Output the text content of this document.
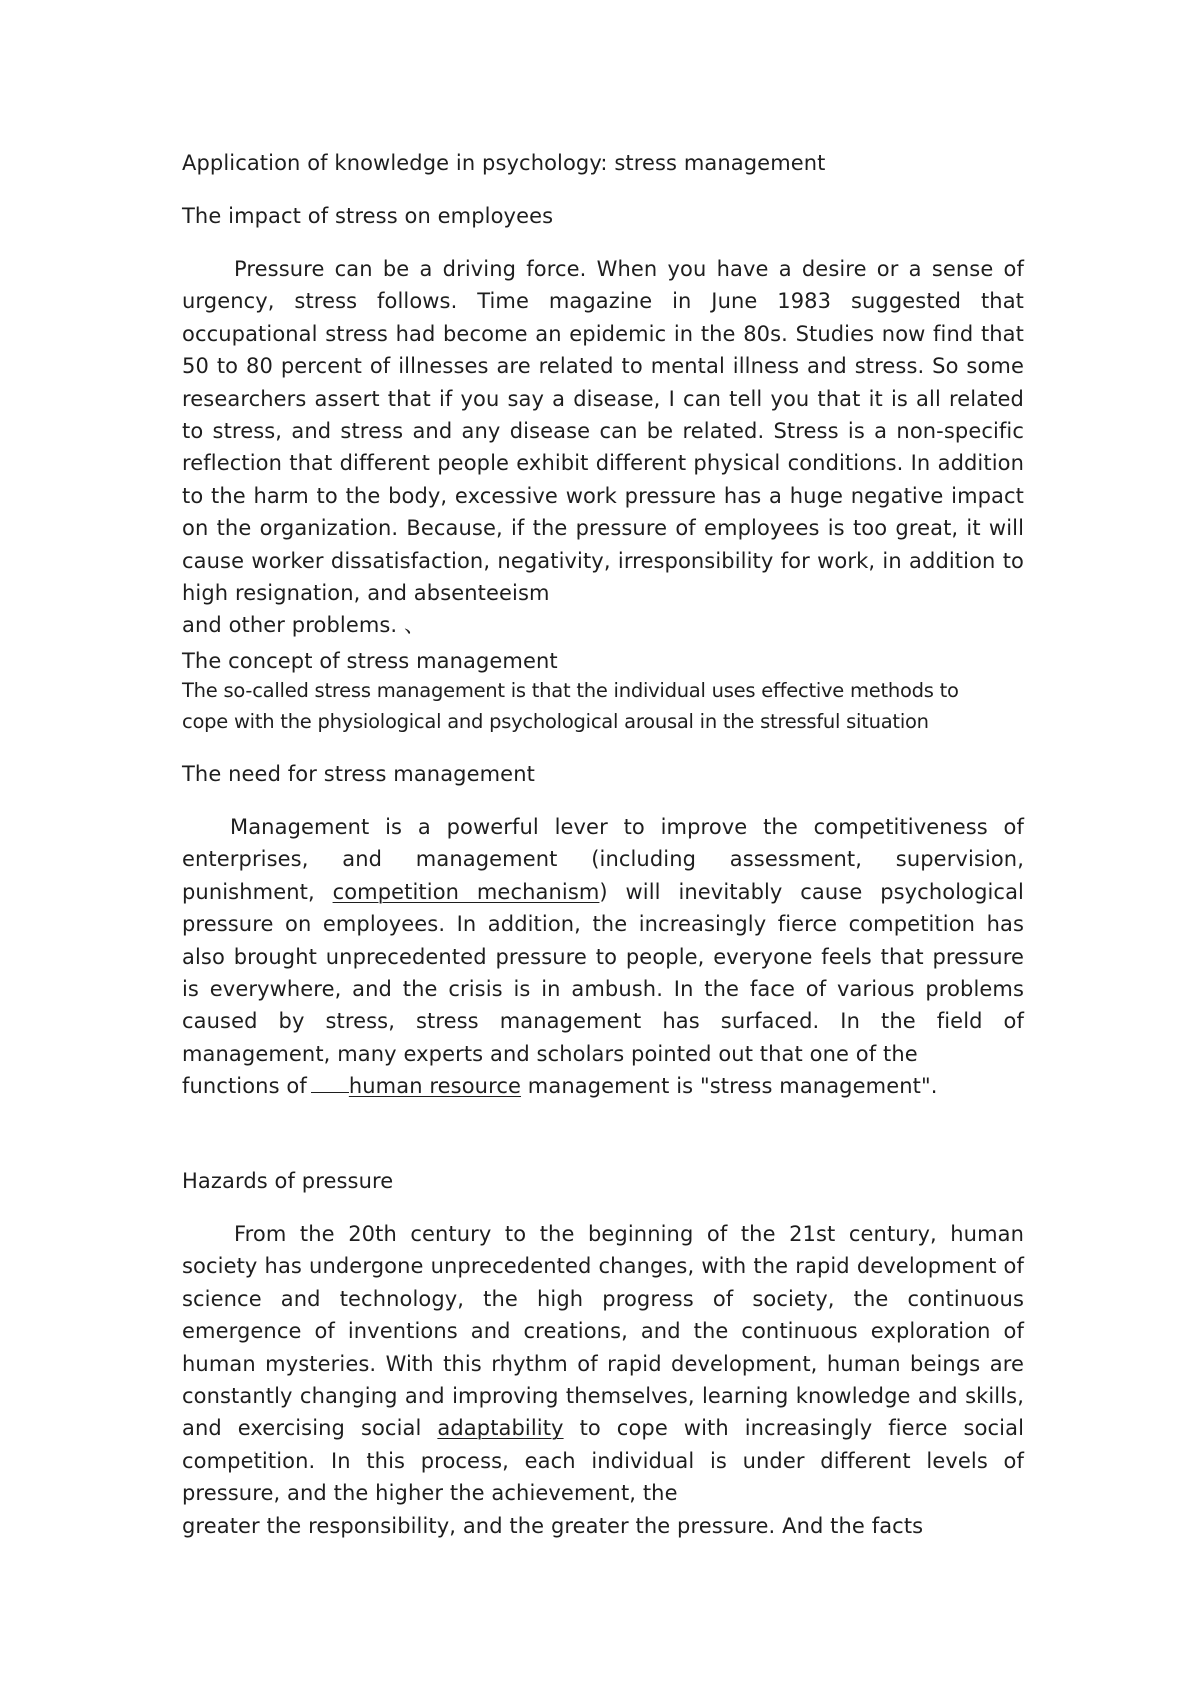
Application of knowledge in psychology: stress management
The impact of stress on employees
Pressure can be a driving force. When you have a desire or a sense of urgency, stress follows. Time magazine in June 1983 suggested that occupational stress had become an epidemic in the 80s. Studies now find that 50 to 80 percent of illnesses are related to mental illness and stress. So some researchers assert that if you say a disease, I can tell you that it is all related to stress, and stress and any disease can be related. Stress is a non-specific reflection that different people exhibit different physical conditions. In addition to the harm to the body, excessive work pressure has a huge negative impact on the organization. Because, if the pressure of employees is too great, it will cause worker dissatisfaction, negativity, irresponsibility for work, in addition to high resignation, and absenteeism
and other problems. 、
The concept of stress management
The so-called stress management is that the individual uses effective methods to
cope with the physiological and psychological arousal in the stressful situation
The need for stress management
Management is a powerful lever to improve the competitiveness of enterprises, and management (including assessment, supervision, punishment, competition mechanism) will inevitably cause psychological pressure on employees. In addition, the increasingly fierce competition has also brought unprecedented pressure to people, everyone feels that pressure is everywhere, and the crisis is in ambush. In the face of various problems caused by stress, stress management has surfaced. In the field of management, many experts and scholars pointed out that one of the
functions of human resource management is "stress management".
Hazards of pressure
From the 20th century to the beginning of the 21st century, human society has undergone unprecedented changes, with the rapid development of science and technology, the high progress of society, the continuous emergence of inventions and creations, and the continuous exploration of human mysteries. With this rhythm of rapid development, human beings are constantly changing and improving themselves, learning knowledge and skills, and exercising social adaptability to cope with increasingly fierce social competition. In this process, each individual is under different levels of pressure, and the higher the achievement, the
greater the responsibility, and the greater the pressure. And the facts
